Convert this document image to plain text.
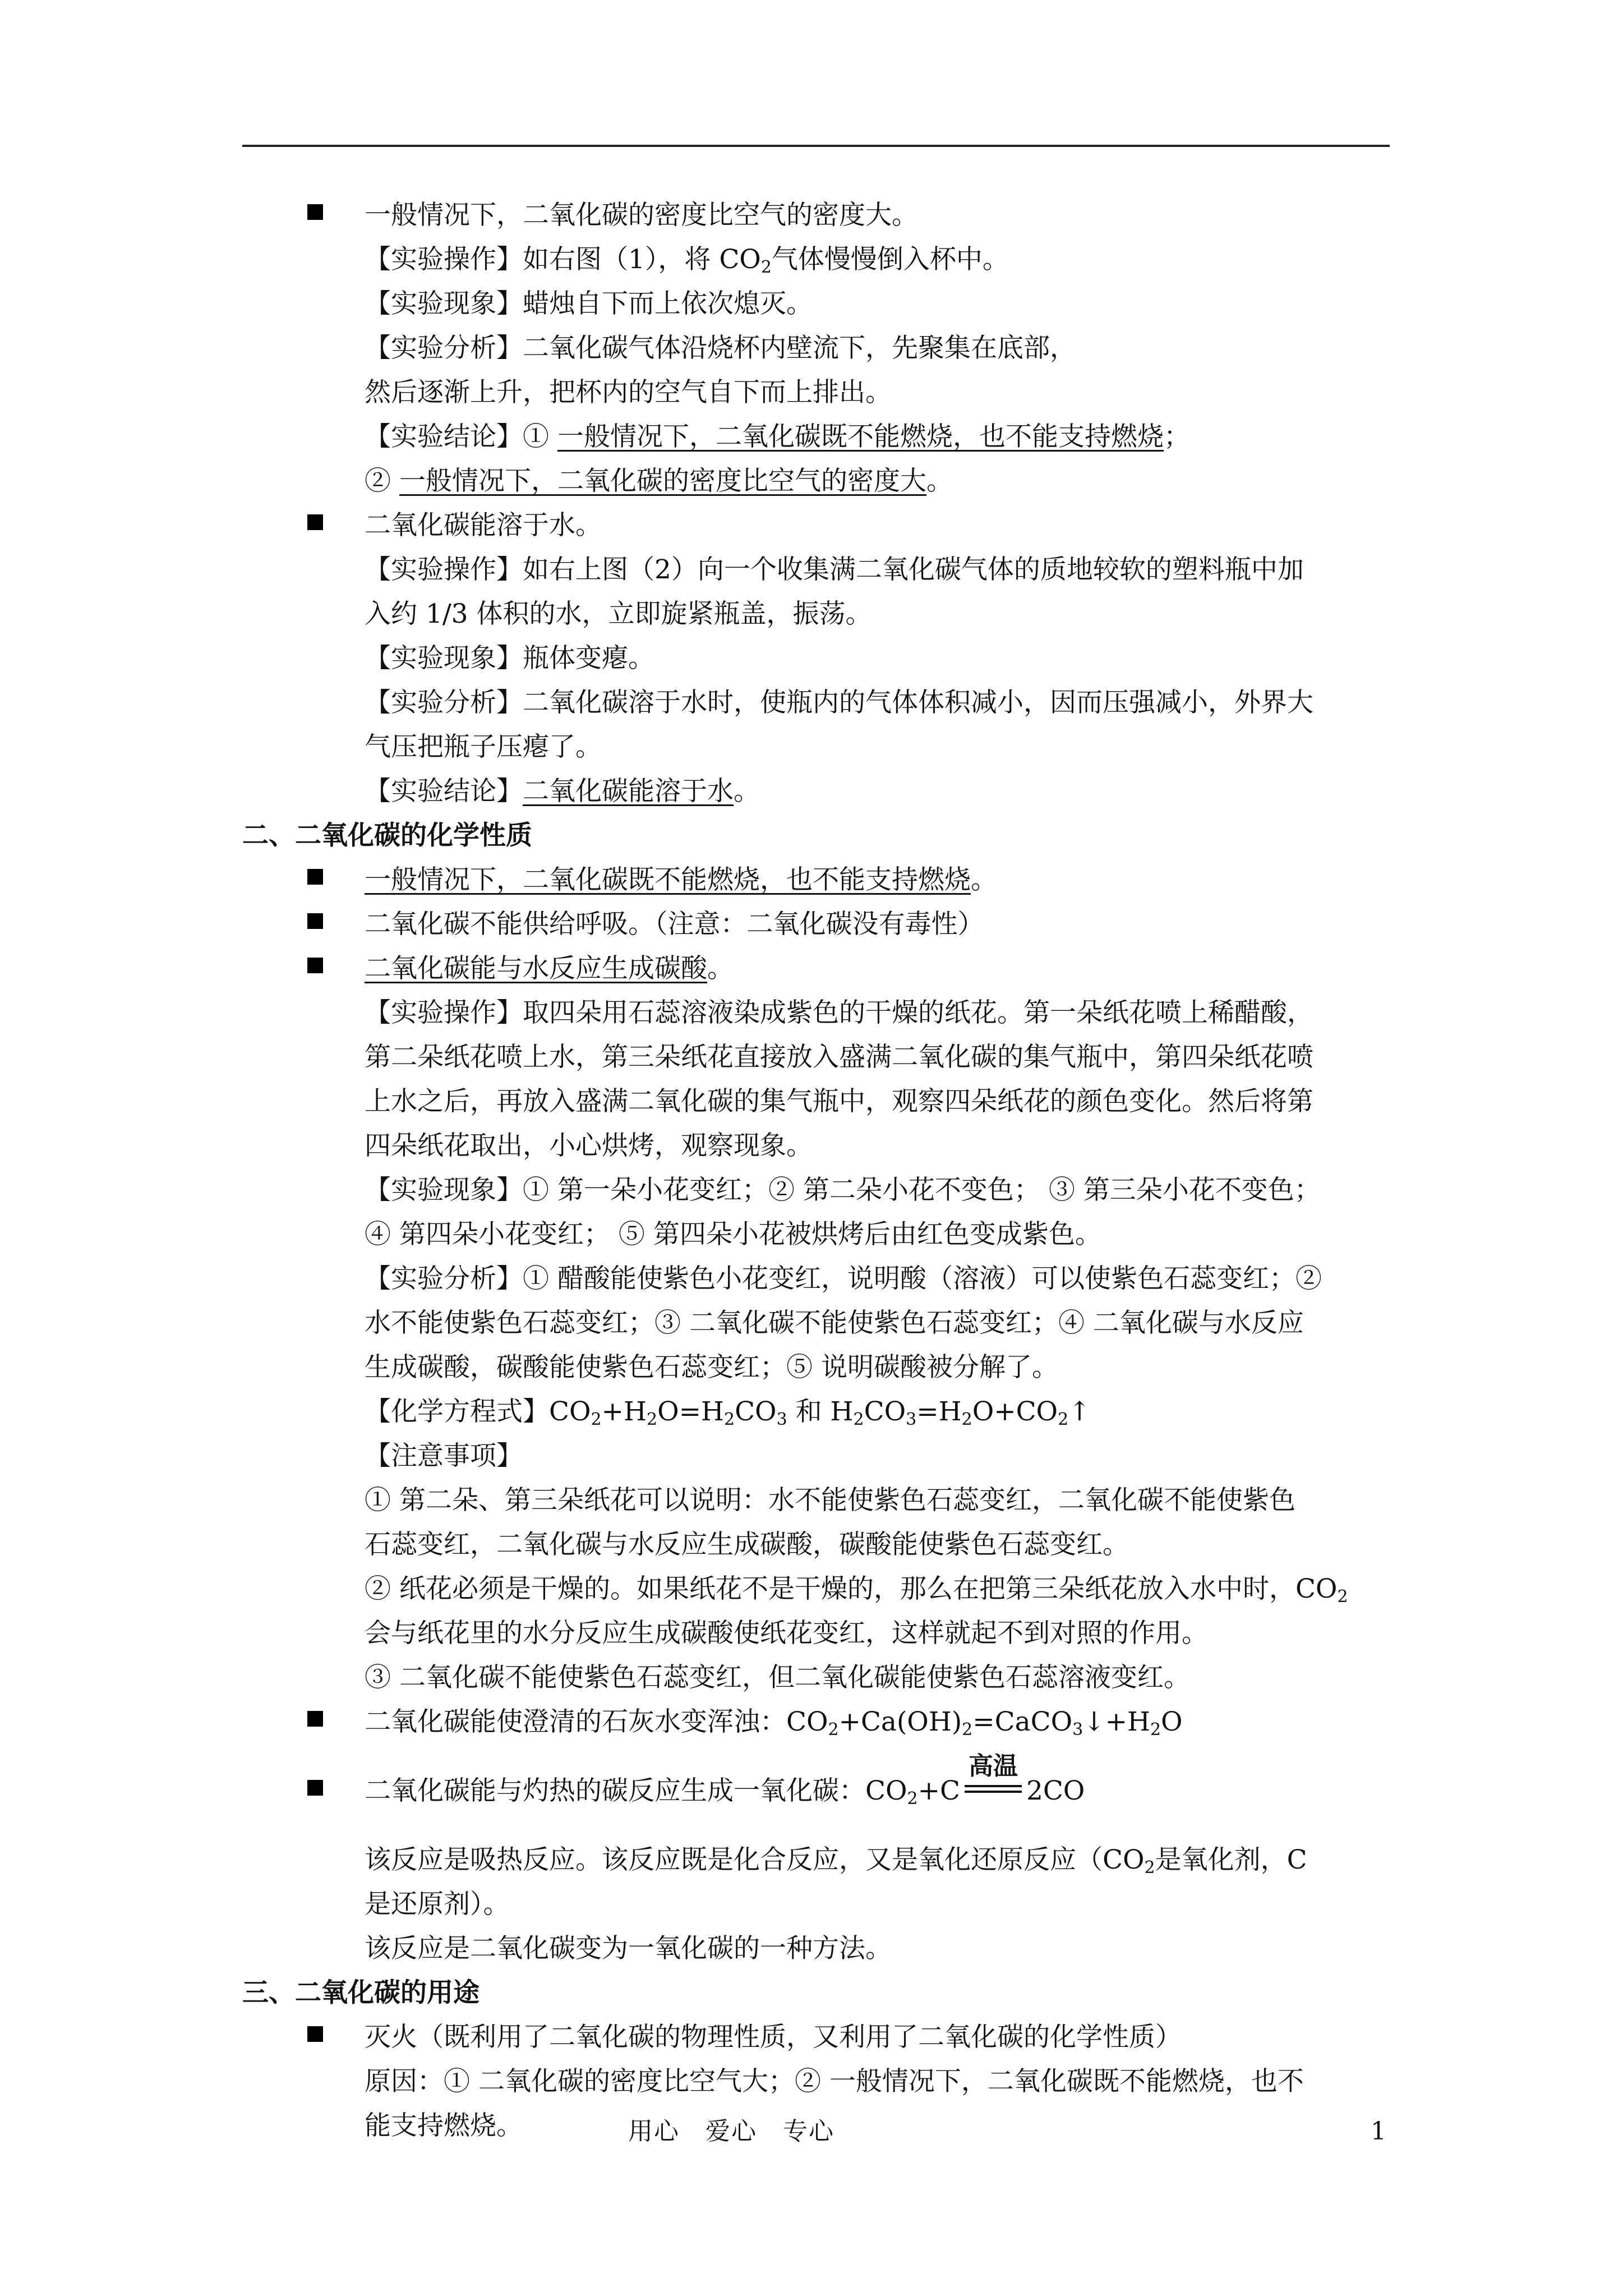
一般情况下，二氧化碳的密度比空气的密度大。
【实验操作】如右图（1），将 $CO_2$气体慢慢倒入杯中。
【实验现象】蜡烛自下而上依次熄灭。
【实验分析】二氧化碳气体沿烧杯内壁流下，先聚集在底部，
然后逐渐上升，把杯内的空气自下而上排出。
【实验结论】① 一般情况下，二氧化碳既不能燃烧，也不能支持燃烧；
② 一般情况下，二氧化碳的密度比空气的密度大。
二氧化碳能溶于水。
【实验操作】如右上图（2）向一个收集满二氧化碳气体的质地较软的塑料瓶中加
入约 1/3 体积的水，立即旋紧瓶盖，振荡。
【实验现象】瓶体变瘪。
【实验分析】二氧化碳溶于水时，使瓶内的气体体积减小，因而压强减小，外界大
气压把瓶子压瘪了。
【实验结论】二氧化碳能溶于水。
二、二氧化碳的化学性质
一般情况下，二氧化碳既不能燃烧，也不能支持燃烧。
二氧化碳不能供给呼吸。（注意：二氧化碳没有毒性）
二氧化碳能与水反应生成碳酸。
【实验操作】取四朵用石蕊溶液染成紫色的干燥的纸花。第一朵纸花喷上稀醋酸，
第二朵纸花喷上水，第三朵纸花直接放入盛满二氧化碳的集气瓶中，第四朵纸花喷
上水之后，再放入盛满二氧化碳的集气瓶中，观察四朵纸花的颜色变化。然后将第
四朵纸花取出，小心烘烤，观察现象。
【实验现象】① 第一朵小花变红；② 第二朵小花不变色； ③ 第三朵小花不变色；
④ 第四朵小花变红； ⑤ 第四朵小花被烘烤后由红色变成紫色。
【实验分析】① 醋酸能使紫色小花变红，说明酸（溶液）可以使紫色石蕊变红；②
水不能使紫色石蕊变红；③ 二氧化碳不能使紫色石蕊变红；④ 二氧化碳与水反应
生成碳酸，碳酸能使紫色石蕊变红；⑤ 说明碳酸被分解了。
【化学方程式】$CO_2+H_2O=H_2CO_3$ 和 $H_2CO_3=H_2O+CO_2↑$
【注意事项】
① 第二朵、第三朵纸花可以说明：水不能使紫色石蕊变红，二氧化碳不能使紫色
石蕊变红，二氧化碳与水反应生成碳酸，碳酸能使紫色石蕊变红。
② 纸花必须是干燥的。如果纸花不是干燥的，那么在把第三朵纸花放入水中时，$CO_2$
会与纸花里的水分反应生成碳酸使纸花变红，这样就起不到对照的作用。
③ 二氧化碳不能使紫色石蕊变红，但二氧化碳能使紫色石蕊溶液变红。
二氧化碳能使澄清的石灰水变浑浊：$CO_2+Ca(OH)_2=CaCO_3↓+H_2O$
二氧化碳能与灼热的碳反应生成一氧化碳：$CO_2+C$
高温
2CO
该反应是吸热反应。该反应既是化合反应，又是氧化还原反应（$CO_2$是氧化剂，C
是还原剂）。
该反应是二氧化碳变为一氧化碳的一种方法。
三、二氧化碳的用途
灭火（既利用了二氧化碳的物理性质，又利用了二氧化碳的化学性质）
原因：① 二氧化碳的密度比空气大；② 一般情况下，二氧化碳既不能燃烧，也不
能支持燃烧。	用心　爱心　专心	1
